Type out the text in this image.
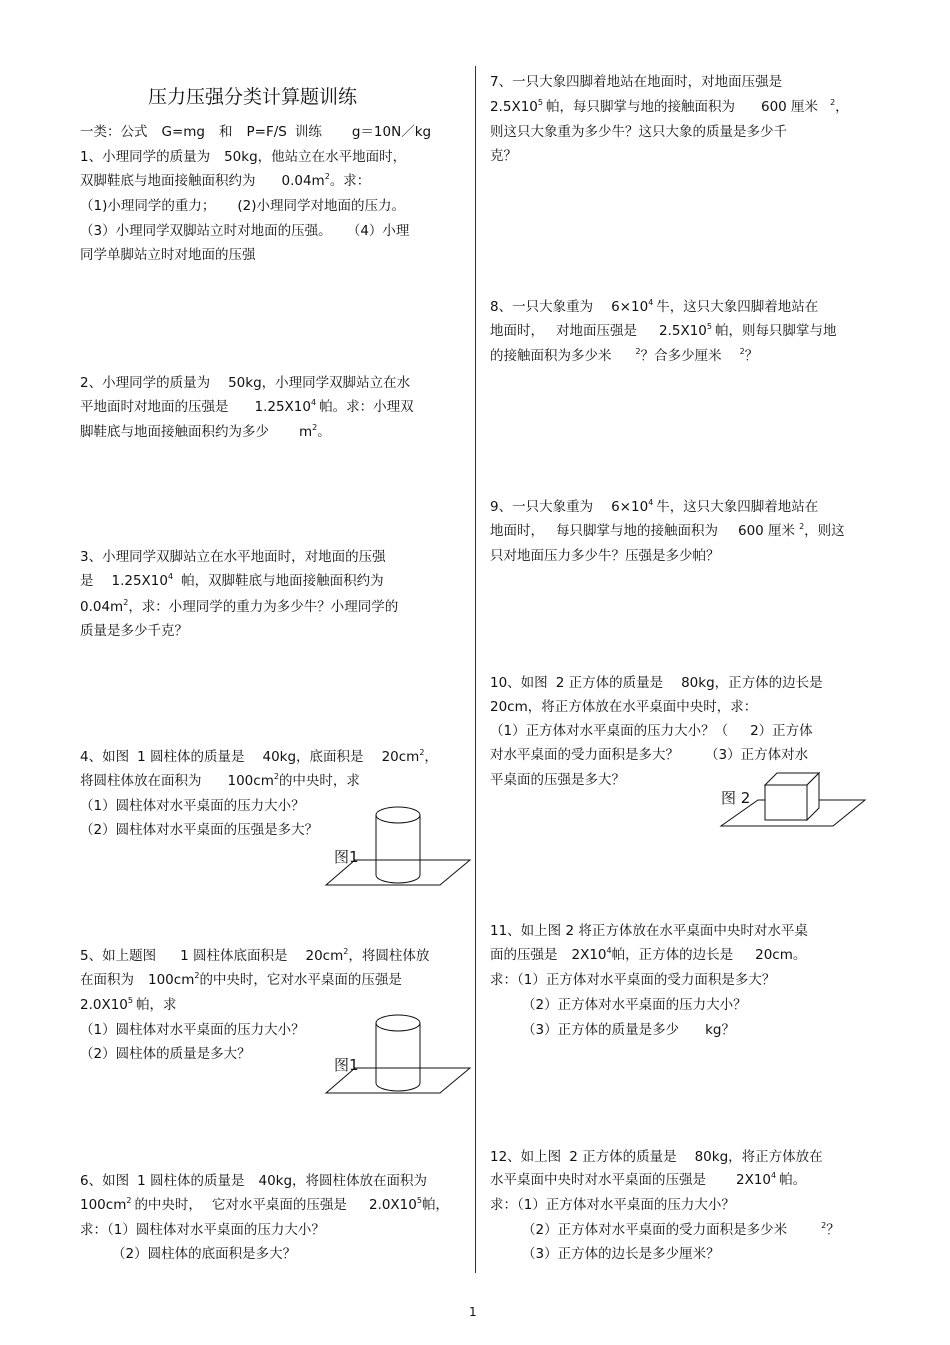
压力压强分类计算题训练
一类：公式 G=mg 和 P=F/S 训练 g＝10N／kg
1、小理同学的质量为 50kg，他站立在水平地面时，
双脚鞋底与地面接触面积约为 $0.04m^2$。求：
（1)小理同学的重力； (2)小理同学对地面的压力。
（3）小理同学双脚站立时对地面的压强。 （4）小理
同学单脚站立时对地面的压强
2、小理同学的质量为 50kg，小理同学双脚站立在水
平地面时对地面的压强是 $1.25X10^4$ 帕。求：小理双
脚鞋底与地面接触面积约为多少 $m^2$。
3、小理同学双脚站立在水平地面时，对地面的压强
是 $1.25X10^4$ 帕，双脚鞋底与地面接触面积约为
$0.04m^2$，求：小理同学的重力为多少牛？小理同学的
质量是多少千克？
4、如图 1 圆柱体的质量是 40kg，底面积是 $20cm^2$，
将圆柱体放在面积为 $100cm^2$的中央时，求
（1）圆柱体对水平桌面的压力大小？
（2）圆柱体对水平桌面的压强是多大？
图1
5、如上题图 1 圆柱体底面积是 $20cm^2$，将圆柱体放
在面积为 $100cm^2$的中央时，它对水平桌面的压强是
$2.0X10^5$ 帕，求
（1）圆柱体对水平桌面的压力大小？
（2）圆柱体的质量是多大？
图1
6、如图 1 圆柱体的质量是 40kg，将圆柱体放在面积为
$100cm^2$ 的中央时， 它对水平桌面的压强是 $2.0X10^5$帕，
求：（1）圆柱体对水平桌面的压力大小？
（2）圆柱体的底面积是多大？
7、一只大象四脚着地站在地面时，对地面压强是
$2.5X10^5$ 帕，每只脚掌与地的接触面积为 600 厘米 $^2$，
则这只大象重为多少牛？这只大象的质量是多少千
克？
8、一只大象重为 $6\times 10^4$ 牛，这只大象四脚着地站在
地面时， 对地面压强是 $2.5X10^5$ 帕，则每只脚掌与地
的接触面积为多少米	$^2$？合多少厘米 $^2$？
9、一只大象重为 $6\times 10^4$ 牛，这只大象四脚着地站在
地面时， 每只脚掌与地的接触面积为 600 厘米 $^2$，则这
只对地面压力多少牛？压强是多少帕？
10、如图 2 正方体的质量是 80kg，正方体的边长是
20cm，将正方体放在水平桌面中央时，求：
（1）正方体对水平桌面的压力大小？（ 2）正方体
对水平桌面的受力面积是多大？ （3）正方体对水
平桌面的压强是多大？
图 2
11、如上图 2 将正方体放在水平桌面中央时对水平桌
面的压强是 $2X10^4$帕，正方体的边长是 20cm。
求：（1）正方体对水平桌面的受力面积是多大？
（2）正方体对水平桌面的压力大小？
（3）正方体的质量是多少 kg？
12、如上图 2 正方体的质量是 80kg，将正方体放在
水平桌面中央时对水平桌面的压强是 $2X10^4$ 帕。
求：（1）正方体对水平桌面的压力大小？
（2）正方体对水平桌面的受力面积是多少米	$^2$？
（3）正方体的边长是多少厘米？
1
